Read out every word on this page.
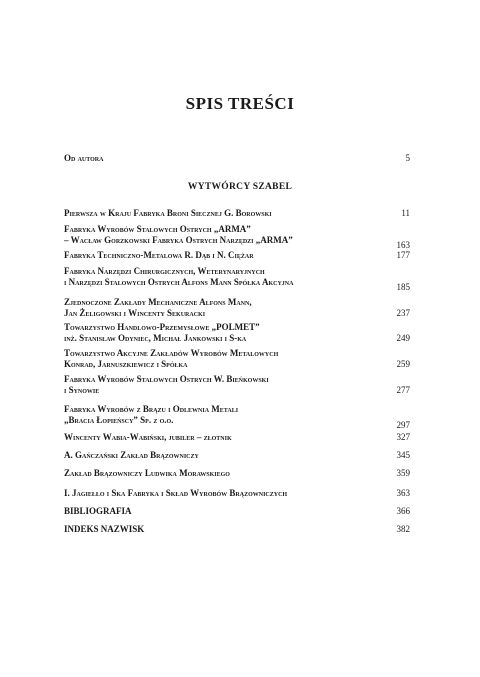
SPIS TREŚCI
Od autora	5
WYTWÓRCY SZABEL
Pierwsza w Kraju Fabryka Broni Siecznej G. Borowski	11
Fabryka Wyrobów Stalowych Ostrych „ARMA”
– Wacław Gorzkowski Fabryka Ostrych Narzędzi „ARMA”	163
Fabryka Techniczno-Metalowa R. Dąb i N. Ciężar	177
Fabryka Narzędzi Chirurgicznych, Weterynaryjnych
i Narzędzi Stalowych Ostrych Alfons Mann Spółka Akcyjna	185
Zjednoczone Zakłady Mechaniczne Alfons Mann,
Jan Żeligowski i Wincenty Sekuracki	237
Towarzystwo Handlowo-Przemysłowe „POLMET”
inż. Stanisław Odyniec, Michał Jankowski i S-ka	249
Towarzystwo Akcyjne Zakładów Wyrobów Metalowych
Konrad, Jarnuszkiewicz i Spółka	259
Fabryka Wyrobów Stalowych Ostrych W. Bieńkowski
i Synowie	277
Fabryka Wyrobów z Brązu i Odlewnia Metali
„Bracia Łopieńscy” Sp. z o.o.	297
Wincenty Wabia-Wabiński, jubiler – złotnik	327
A. Gańczański Zakład Brązowniczy	345
Zakład Brązowniczy Ludwika Morawskiego	359
I. Jagiełło i Ska Fabryka i Skład Wyrobów Brązowniczych	363
BIBLIOGRAFIA	366
INDEKS NAZWISK	382
